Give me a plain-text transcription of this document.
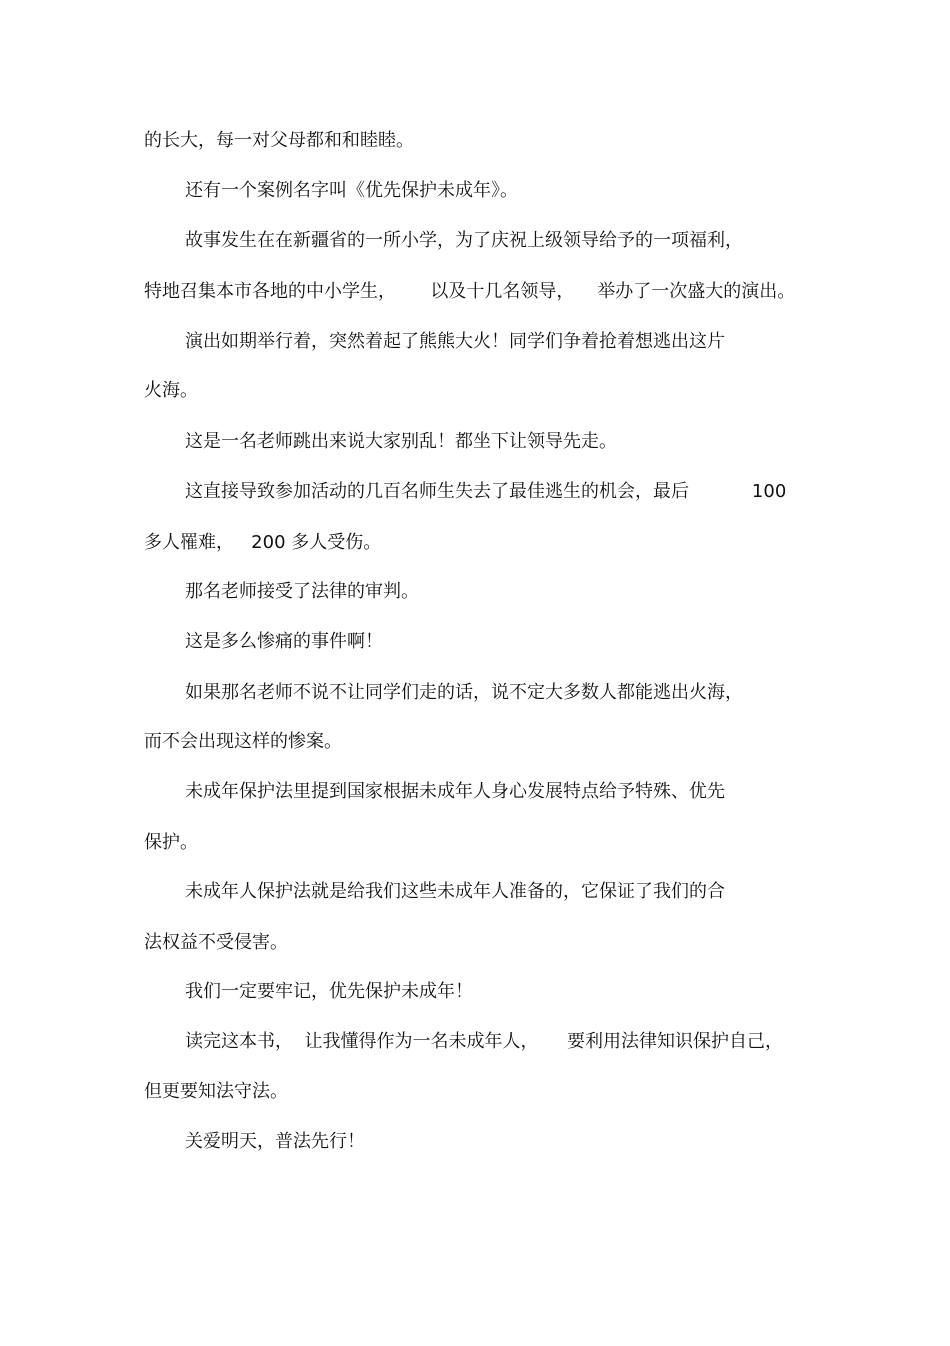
的长大，每一对父母都和和睦睦。

还有一个案例名字叫《优先保护未成年》。

故事发生在在新疆省的一所小学，为了庆祝上级领导给予的一项福利，

特地召集本市各地的中小学生，      以及十几名领导，    举办了一次盛大的演出。

演出如期举行着，突然着起了熊熊大火！同学们争着抢着想逃出这片

火海。

这是一名老师跳出来说大家别乱！都坐下让领导先走。

这直接导致参加活动的几百名师生失去了最佳逃生的机会，最后           100

多人罹难，   200 多人受伤。

那名老师接受了法律的审判。

这是多么惨痛的事件啊！

如果那名老师不说不让同学们走的话，说不定大多数人都能逃出火海，

而不会出现这样的惨案。

未成年保护法里提到国家根据未成年人身心发展特点给予特殊、优先

保护。

未成年人保护法就是给我们这些未成年人准备的，它保证了我们的合

法权益不受侵害。

我们一定要牢记，优先保护未成年！

读完这本书，  让我懂得作为一名未成年人，     要利用法律知识保护自己，

但更要知法守法。

关爱明天，普法先行！
